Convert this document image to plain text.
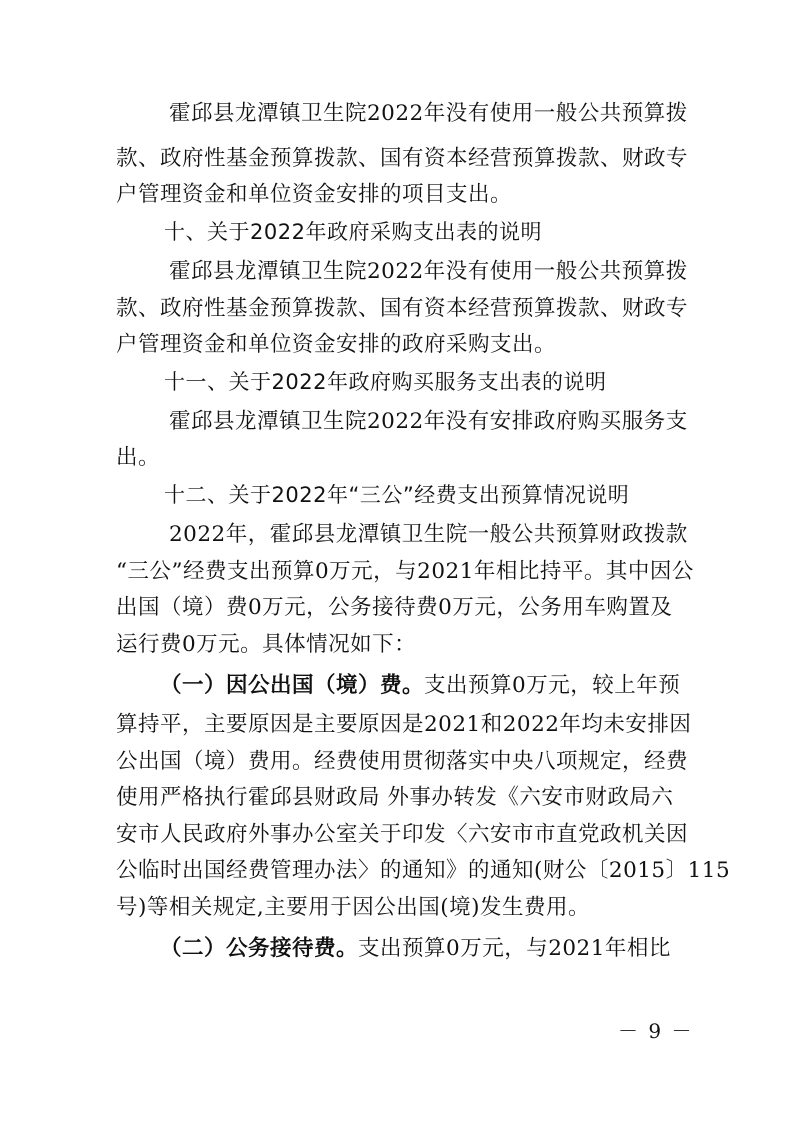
霍邱县龙潭镇卫生院2022年没有使用一般公共预算拨
款、政府性基金预算拨款、国有资本经营预算拨款、财政专
户管理资金和单位资金安排的项目支出。
十、关于2022年政府采购支出表的说明
霍邱县龙潭镇卫生院2022年没有使用一般公共预算拨
款、政府性基金预算拨款、国有资本经营预算拨款、财政专
户管理资金和单位资金安排的政府采购支出。
十一、关于2022年政府购买服务支出表的说明
霍邱县龙潭镇卫生院2022年没有安排政府购买服务支
出。
十二、关于2022年“三公”经费支出预算情况说明
2022年，霍邱县龙潭镇卫生院一般公共预算财政拨款
“三公”经费支出预算0万元，与2021年相比持平。其中因公
出国（境）费0万元，公务接待费0万元，公务用车购置及
运行费0万元。具体情况如下：
（一）因公出国（境）费。支出预算0万元，较上年预
算持平，主要原因是主要原因是2021和2022年均未安排因
公出国（境）费用。经费使用贯彻落实中央八项规定，经费
使用严格执行霍邱县财政局 外事办转发《六安市财政局六
安市人民政府外事办公室关于印发〈六安市市直党政机关因
公临时出国经费管理办法〉的通知》的通知(财公〔2015〕115
号)等相关规定,主要用于因公出国(境)发生费用。
（二）公务接待费。支出预算0万元，与2021年相比
－ 9 －
